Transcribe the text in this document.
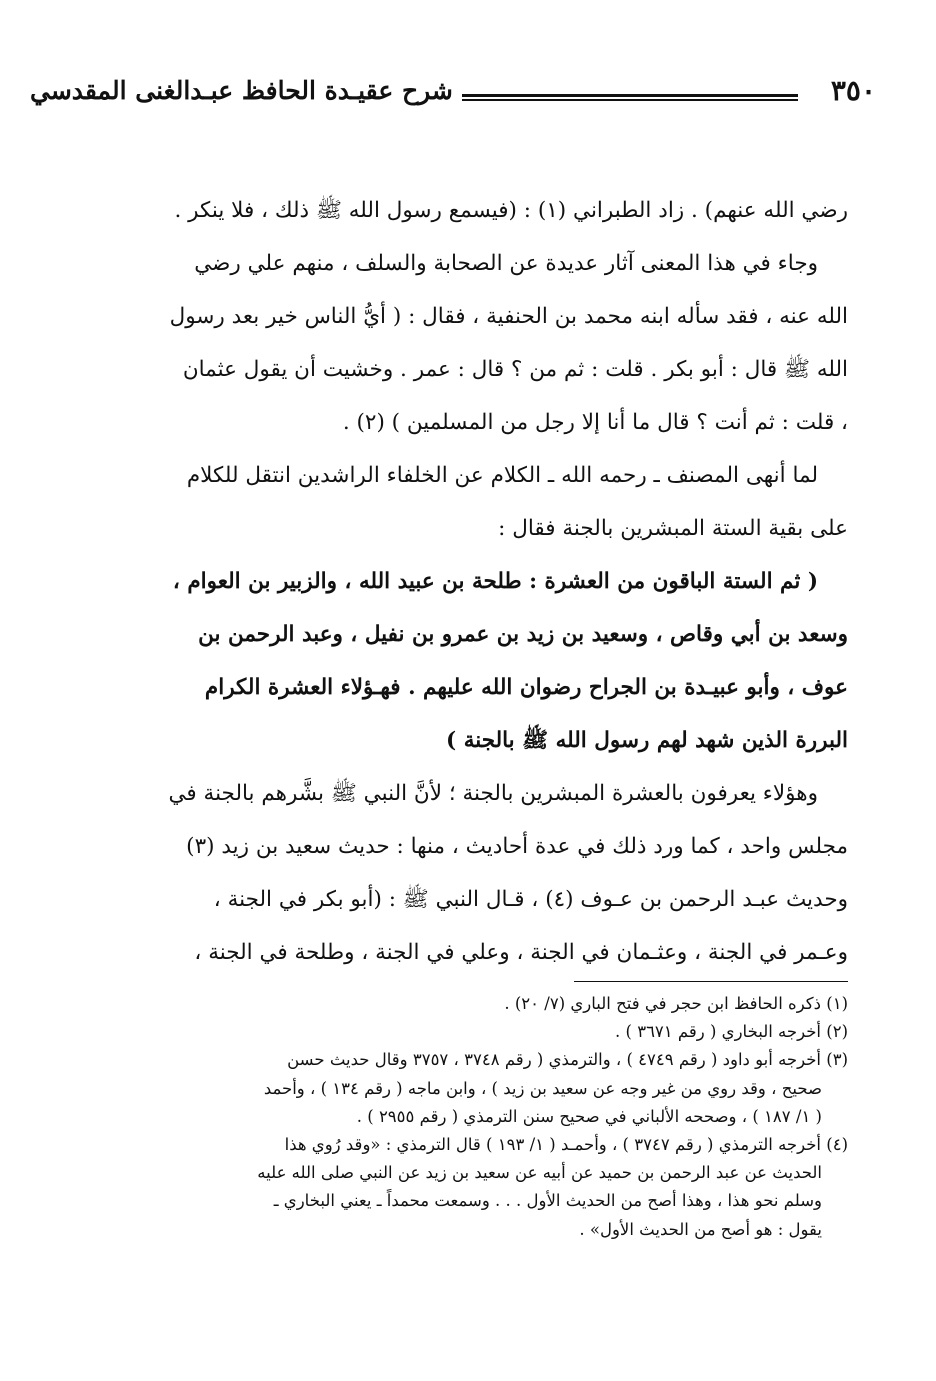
٣٥٠
شرح عقيـدة الحافظ عبـدالغنى المقدسي
رضي الله عنهم) . زاد الطبراني (١) : (فيسمع رسول الله ﷺ ذلك ، فلا ينكر .
وجاء في هذا المعنى آثار عديدة عن الصحابة والسلف ، منهم علي رضي
الله عنه ، فقد سأله ابنه محمد بن الحنفية ، فقال : ( أيُّ الناس خير بعد رسول
الله ﷺ قال : أبو بكر . قلت : ثم من ؟ قال : عمر . وخشيت أن يقول عثمان
، قلت : ثم أنت ؟ قال ما أنا إلا رجل من المسلمين ) (٢) .
لما أنهى المصنف ـ رحمه الله ـ الكلام عن الخلفاء الراشدين انتقل للكلام
على بقية الستة المبشرين بالجنة فقال :
( ثم الستة الباقون من العشرة : طلحة بن عبيد الله ، والزبير بن العوام ،
وسعد بن أبي وقاص ، وسعيد بن زيد بن عمرو بن نفيل ، وعبد الرحمن بن
عوف ، وأبو عبيـدة بن الجراح رضوان الله عليهم . فهـؤلاء العشرة الكرام
البررة الذين شهد لهم رسول الله ﷺ بالجنة )
وهؤلاء يعرفون بالعشرة المبشرين بالجنة ؛ لأنَّ النبي ﷺ بشَّرهم بالجنة في
مجلس واحد ، كما ورد ذلك في عدة أحاديث ، منها : حديث سعيد بن زيد (٣)
وحديث عبـد الرحمن بن عـوف (٤) ، قـال النبي ﷺ : (أبو بكر في الجنة ،
وعـمر في الجنة ، وعثـمان في الجنة ، وعلي في الجنة ، وطلحة في الجنة ،
(١) ذكره الحافظ ابن حجر في فتح الباري (٧/ ٢٠) .
(٢) أخرجه البخاري ( رقم ٣٦٧١ ) .
(٣) أخرجه أبو داود ( رقم ٤٧٤٩ ) ، والترمذي ( رقم ٣٧٤٨ ، ٣٧٥٧ وقال حديث حسن
صحيح ، وقد روي من غير وجه عن سعيد بن زيد ) ، وابن ماجه ( رقم ١٣٤ ) ، وأحمد
( ١/ ١٨٧ ) ، وصححه الألباني في صحيح سنن الترمذي ( رقم ٢٩٥٥ ) .
(٤) أخرجه الترمذي ( رقم ٣٧٤٧ ) ، وأحمـد ( ١/ ١٩٣ ) قال الترمذي : «وقد رُوي هذا
الحديث عن عبد الرحمن بن حميد عن أبيه عن سعيد بن زيد عن النبي صلى الله عليه
وسلم نحو هذا ، وهذا أصح من الحديث الأول . . . وسمعت محمداً ـ يعني البخاري ـ
يقول : هو أصح من الحديث الأول» .
